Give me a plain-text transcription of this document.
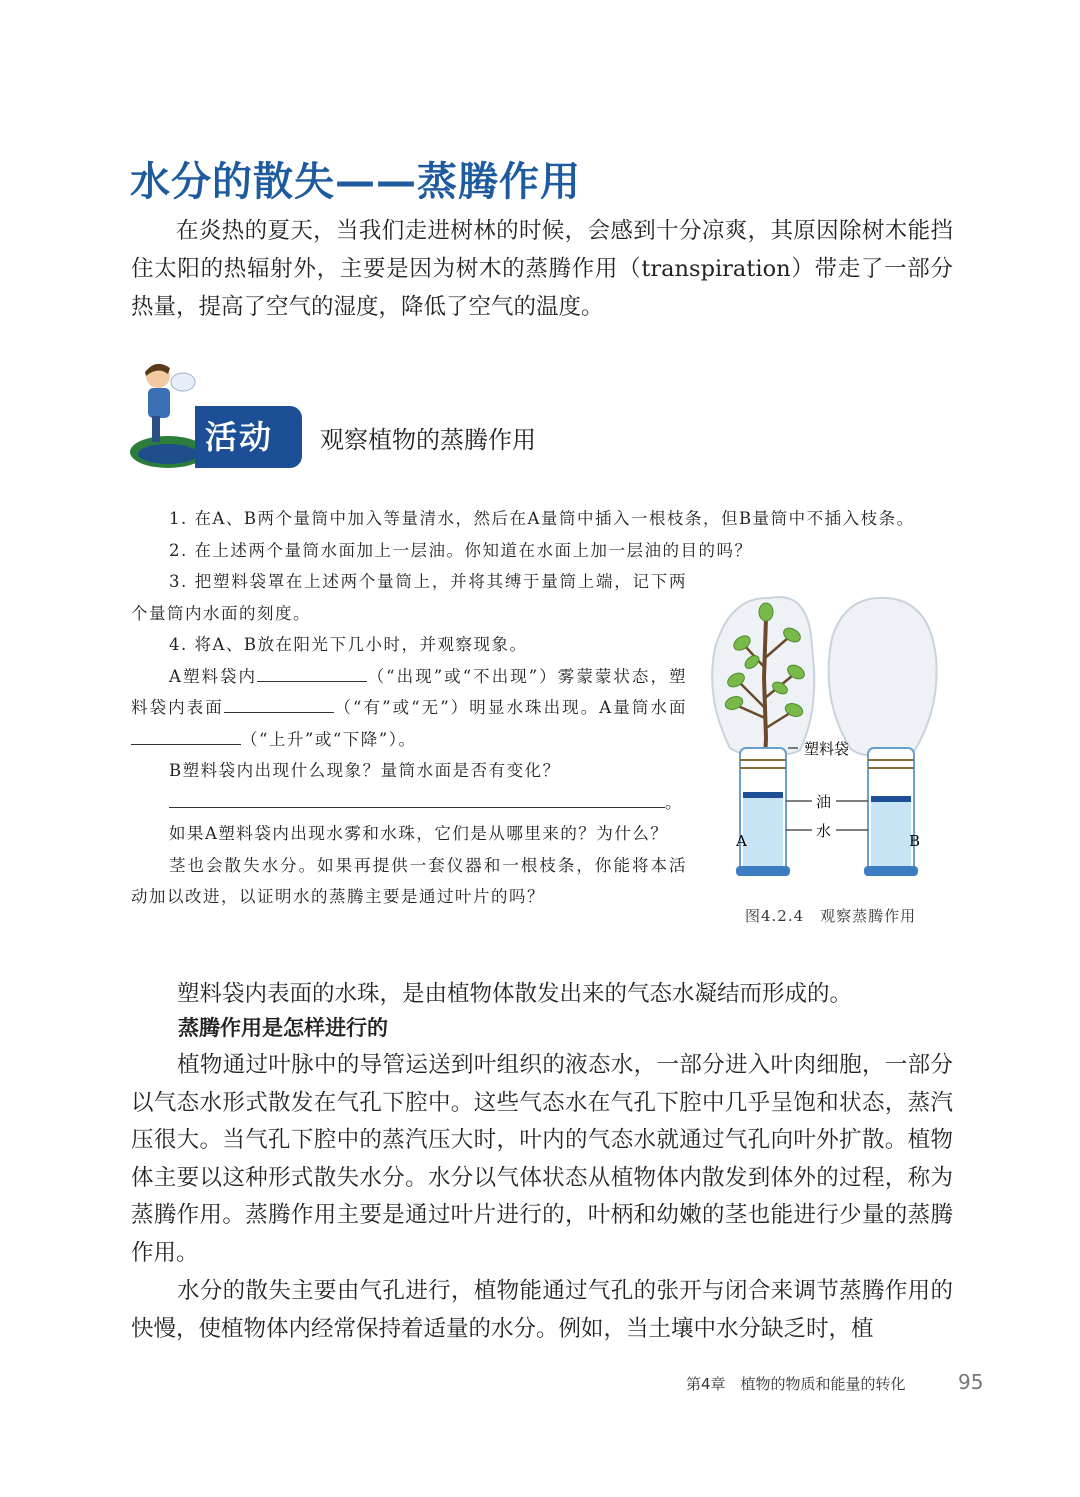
水分的散失——蒸腾作用

在炎热的夏天，当我们走进树林的时候，会感到十分凉爽，其原因除树木能挡住太阳的热辐射外，主要是因为树木的蒸腾作用（transpiration）带走了一部分热量，提高了空气的湿度，降低了空气的温度。

活动 观察植物的蒸腾作用

1. 在A、B两个量筒中加入等量清水，然后在A量筒中插入一根枝条，但B量筒中不插入枝条。

2. 在上述两个量筒水面加上一层油。你知道在水面上加一层油的目的吗？

3. 把塑料袋罩在上述两个量筒上，并将其缚于量筒上端，记下两个量筒内水面的刻度。

4. 将A、B放在阳光下几小时，并观察现象。

A塑料袋内	（“出现”或“不出现”）雾蒙蒙状态，塑料袋内表面	（“有”或“无”）明显水珠出现。A量筒水面（“上升”或“下降”）。

B塑料袋内出现什么现象？量筒水面是否有变化？

。

如果A塑料袋内出现水雾和水珠，它们是从哪里来的？为什么？

茎也会散失水分。如果再提供一套仪器和一根枝条，你能将本活动加以改进，以证明水的蒸腾主要是通过叶片的吗？

塑料袋
油
水
A	B
图4.2.4　观察蒸腾作用

塑料袋内表面的水珠，是由植物体散发出来的气态水凝结而形成的。

蒸腾作用是怎样进行的

植物通过叶脉中的导管运送到叶组织的液态水，一部分进入叶肉细胞，一部分以气态水形式散发在气孔下腔中。这些气态水在气孔下腔中几乎呈饱和状态，蒸汽压很大。当气孔下腔中的蒸汽压大时，叶内的气态水就通过气孔向叶外扩散。植物体主要以这种形式散失水分。水分以气体状态从植物体内散发到体外的过程，称为蒸腾作用。蒸腾作用主要是通过叶片进行的，叶柄和幼嫩的茎也能进行少量的蒸腾作用。

水分的散失主要由气孔进行，植物能通过气孔的张开与闭合来调节蒸腾作用的快慢，使植物体内经常保持着适量的水分。例如，当土壤中水分缺乏时，植

第4章　植物的物质和能量的转化	95
